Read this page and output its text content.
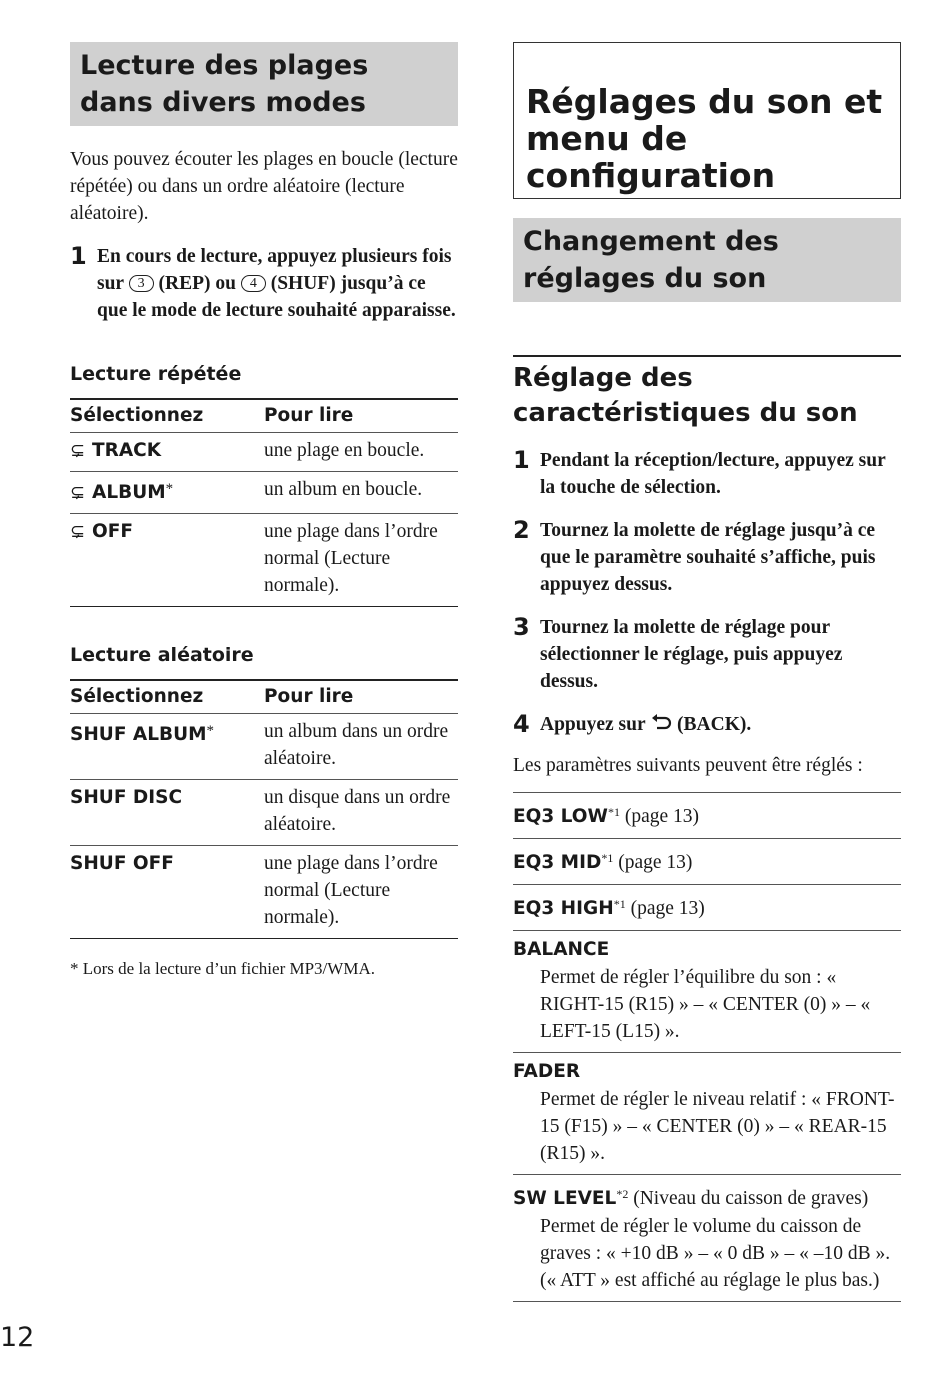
Lecture des plages dans divers modes

Vous pouvez écouter les plages en boucle (lecture répétée) ou dans un ordre aléatoire (lecture aléatoire).

1 En cours de lecture, appuyez plusieurs fois sur 3 (REP) ou 4 (SHUF) jusqu’à ce que le mode de lecture souhaité apparaisse.
Lecture répétée
Sélectionnez	Pour lire
⊊ TRACK	une plage en boucle.
⊊ ALBUM*	un album en boucle.
⊊ OFF	une plage dans l’ordre normal (Lecture normale).
Lecture aléatoire
Sélectionnez	Pour lire
SHUF ALBUM*	un album dans un ordre aléatoire.
SHUF DISC	un disque dans un ordre aléatoire.
SHUF OFF	une plage dans l’ordre normal (Lecture normale).

* Lors de la lecture d’un fichier MP3/WMA.

Réglages du son et menu de configuration
Changement des réglages du son
Réglage des caractéristiques du son
1 Pendant la réception/lecture, appuyez sur la touche de sélection.
2 Tournez la molette de réglage jusqu’à ce que le paramètre souhaité s’affiche, puis appuyez dessus.
3 Tournez la molette de réglage pour sélectionner le réglage, puis appuyez dessus.
4 Appuyez sur  (BACK).

Les paramètres suivants peuvent être réglés :

EQ3 LOW$^{*1}$ (page 13)
EQ3 MID$^{*1}$ (page 13)
EQ3 HIGH$^{*1}$ (page 13)
BALANCE
Permet de régler l’équilibre du son : « RIGHT-15 (R15) » – « CENTER (0) » – « LEFT-15 (L15) ».
FADER
Permet de régler le niveau relatif : « FRONT-15 (F15) » – « CENTER (0) » – « REAR-15 (R15) ».
SW LEVEL$^{*2}$ (Niveau du caisson de graves)
Permet de régler le volume du caisson de graves : « +10 dB » – « 0 dB » – « –10 dB ».
(« ATT » est affiché au réglage le plus bas.)
12
